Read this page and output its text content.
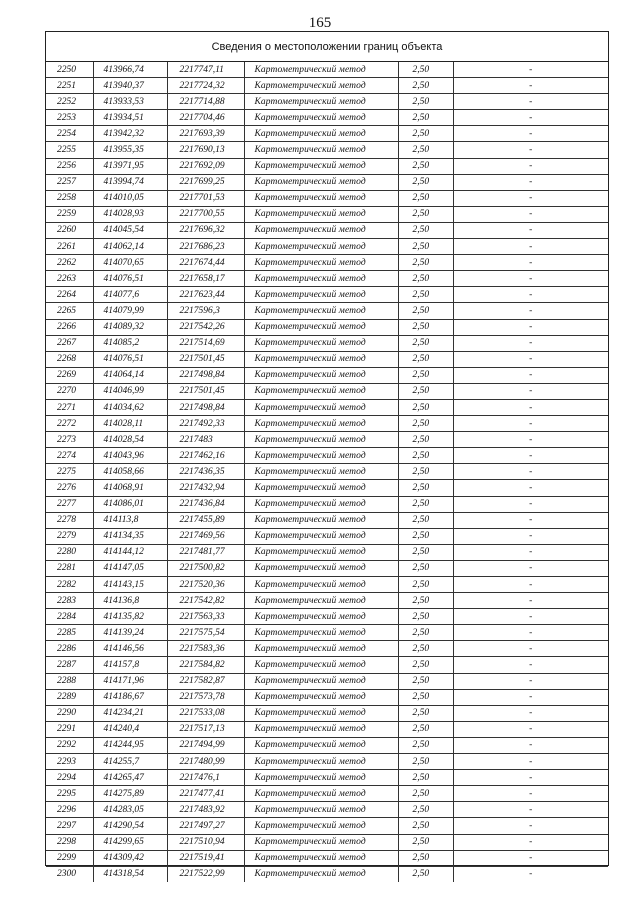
165
Сведения о местоположении границ объекта
2250	413966,74	2217747,11	Картометрический метод	2,50	-
2251	413940,37	2217724,32	Картометрический метод	2,50	-
2252	413933,53	2217714,88	Картометрический метод	2,50	-
2253	413934,51	2217704,46	Картометрический метод	2,50	-
2254	413942,32	2217693,39	Картометрический метод	2,50	-
2255	413955,35	2217690,13	Картометрический метод	2,50	-
2256	413971,95	2217692,09	Картометрический метод	2,50	-
2257	413994,74	2217699,25	Картометрический метод	2,50	-
2258	414010,05	2217701,53	Картометрический метод	2,50	-
2259	414028,93	2217700,55	Картометрический метод	2,50	-
2260	414045,54	2217696,32	Картометрический метод	2,50	-
2261	414062,14	2217686,23	Картометрический метод	2,50	-
2262	414070,65	2217674,44	Картометрический метод	2,50	-
2263	414076,51	2217658,17	Картометрический метод	2,50	-
2264	414077,6	2217623,44	Картометрический метод	2,50	-
2265	414079,99	2217596,3	Картометрический метод	2,50	-
2266	414089,32	2217542,26	Картометрический метод	2,50	-
2267	414085,2	2217514,69	Картометрический метод	2,50	-
2268	414076,51	2217501,45	Картометрический метод	2,50	-
2269	414064,14	2217498,84	Картометрический метод	2,50	-
2270	414046,99	2217501,45	Картометрический метод	2,50	-
2271	414034,62	2217498,84	Картометрический метод	2,50	-
2272	414028,11	2217492,33	Картометрический метод	2,50	-
2273	414028,54	2217483	Картометрический метод	2,50	-
2274	414043,96	2217462,16	Картометрический метод	2,50	-
2275	414058,66	2217436,35	Картометрический метод	2,50	-
2276	414068,91	2217432,94	Картометрический метод	2,50	-
2277	414086,01	2217436,84	Картометрический метод	2,50	-
2278	414113,8	2217455,89	Картометрический метод	2,50	-
2279	414134,35	2217469,56	Картометрический метод	2,50	-
2280	414144,12	2217481,77	Картометрический метод	2,50	-
2281	414147,05	2217500,82	Картометрический метод	2,50	-
2282	414143,15	2217520,36	Картометрический метод	2,50	-
2283	414136,8	2217542,82	Картометрический метод	2,50	-
2284	414135,82	2217563,33	Картометрический метод	2,50	-
2285	414139,24	2217575,54	Картометрический метод	2,50	-
2286	414146,56	2217583,36	Картометрический метод	2,50	-
2287	414157,8	2217584,82	Картометрический метод	2,50	-
2288	414171,96	2217582,87	Картометрический метод	2,50	-
2289	414186,67	2217573,78	Картометрический метод	2,50	-
2290	414234,21	2217533,08	Картометрический метод	2,50	-
2291	414240,4	2217517,13	Картометрический метод	2,50	-
2292	414244,95	2217494,99	Картометрический метод	2,50	-
2293	414255,7	2217480,99	Картометрический метод	2,50	-
2294	414265,47	2217476,1	Картометрический метод	2,50	-
2295	414275,89	2217477,41	Картометрический метод	2,50	-
2296	414283,05	2217483,92	Картометрический метод	2,50	-
2297	414290,54	2217497,27	Картометрический метод	2,50	-
2298	414299,65	2217510,94	Картометрический метод	2,50	-
2299	414309,42	2217519,41	Картометрический метод	2,50	-
2300	414318,54	2217522,99	Картометрический метод	2,50	-
